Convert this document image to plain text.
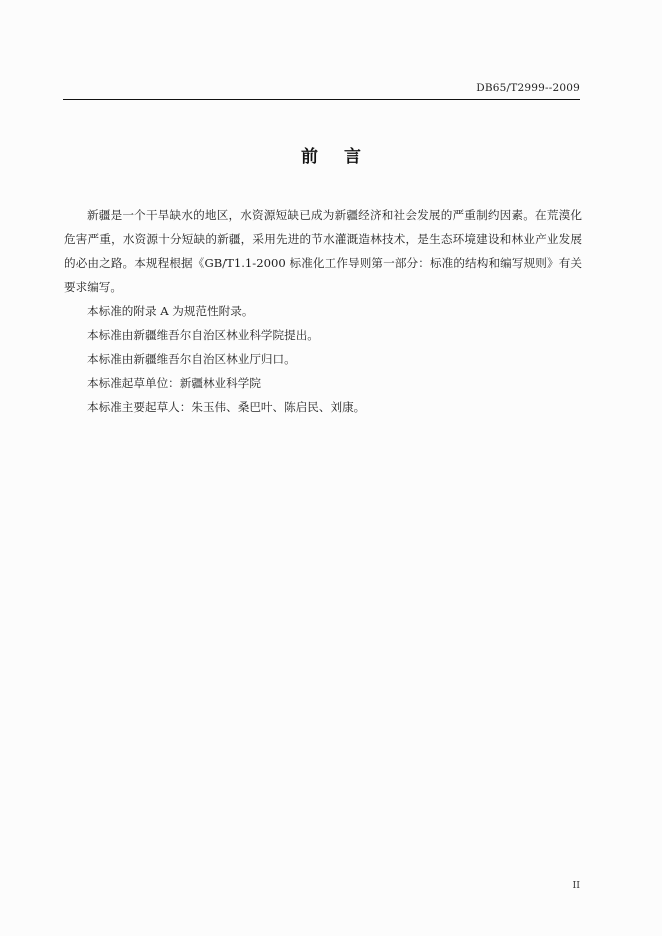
DB65/T2999--2009
前言

新疆是一个干旱缺水的地区，水资源短缺已成为新疆经济和社会发展的严重制约因素。在荒漠化危害严重，水资源十分短缺的新疆，采用先进的节水灌溉造林技术，是生态环境建设和林业产业发展的必由之路。本规程根据《GB/T1.1-2000 标准化工作导则第一部分：标准的结构和编写规则》有关要求编写。

本标准的附录 A 为规范性附录。

本标准由新疆维吾尔自治区林业科学院提出。

本标准由新疆维吾尔自治区林业厅归口。

本标准起草单位：新疆林业科学院

本标准主要起草人：朱玉伟、桑巴叶、陈启民、刘康。

II
